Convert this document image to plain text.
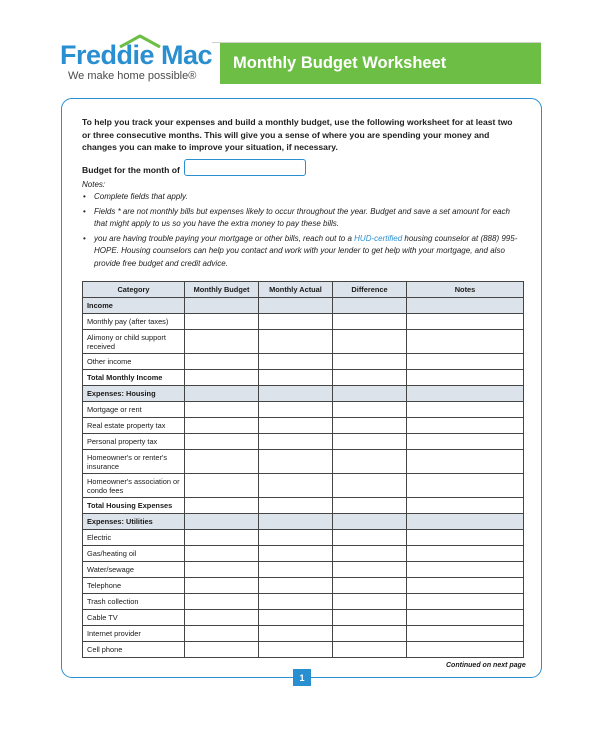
Freddie Mac
We make home possible®
Monthly Budget Worksheet

To help you track your expenses and build a monthly budget, use the following worksheet for at least two or three consecutive months. This will give you a sense of where you are spending your money and changes you can make to improve your situation, if necessary.

Budget for the month of
Notes:
• Complete fields that apply.
• Fields * are not monthly bills but expenses likely to occur throughout the year. Budget and save a set amount for each that might apply to us so you have the extra money to pay these bills.
• you are having trouble paying your mortgage or other bills, reach out to a HUD-certified housing counselor at (888) 995-HOPE. Housing counselors can help you contact and work with your lender to get help with your mortgage, and also provide free budget and credit advice.
Category	Monthly Budget	Monthly Actual	Difference	Notes
Income				
Monthly pay (after taxes)				
Alimony or child support received				
Other income				
Total Monthly Income				
Expenses: Housing				
Mortgage or rent				
Real estate property tax				
Personal property tax				
Homeowner's or renter's insurance				
Homeowner's association or condo fees				
Total Housing Expenses				
Expenses: Utilities				
Electric				
Gas/heating oil				
Water/sewage				
Telephone				
Trash collection				
Cable TV				
Internet provider				
Cell phone				
Continued on next page
1
